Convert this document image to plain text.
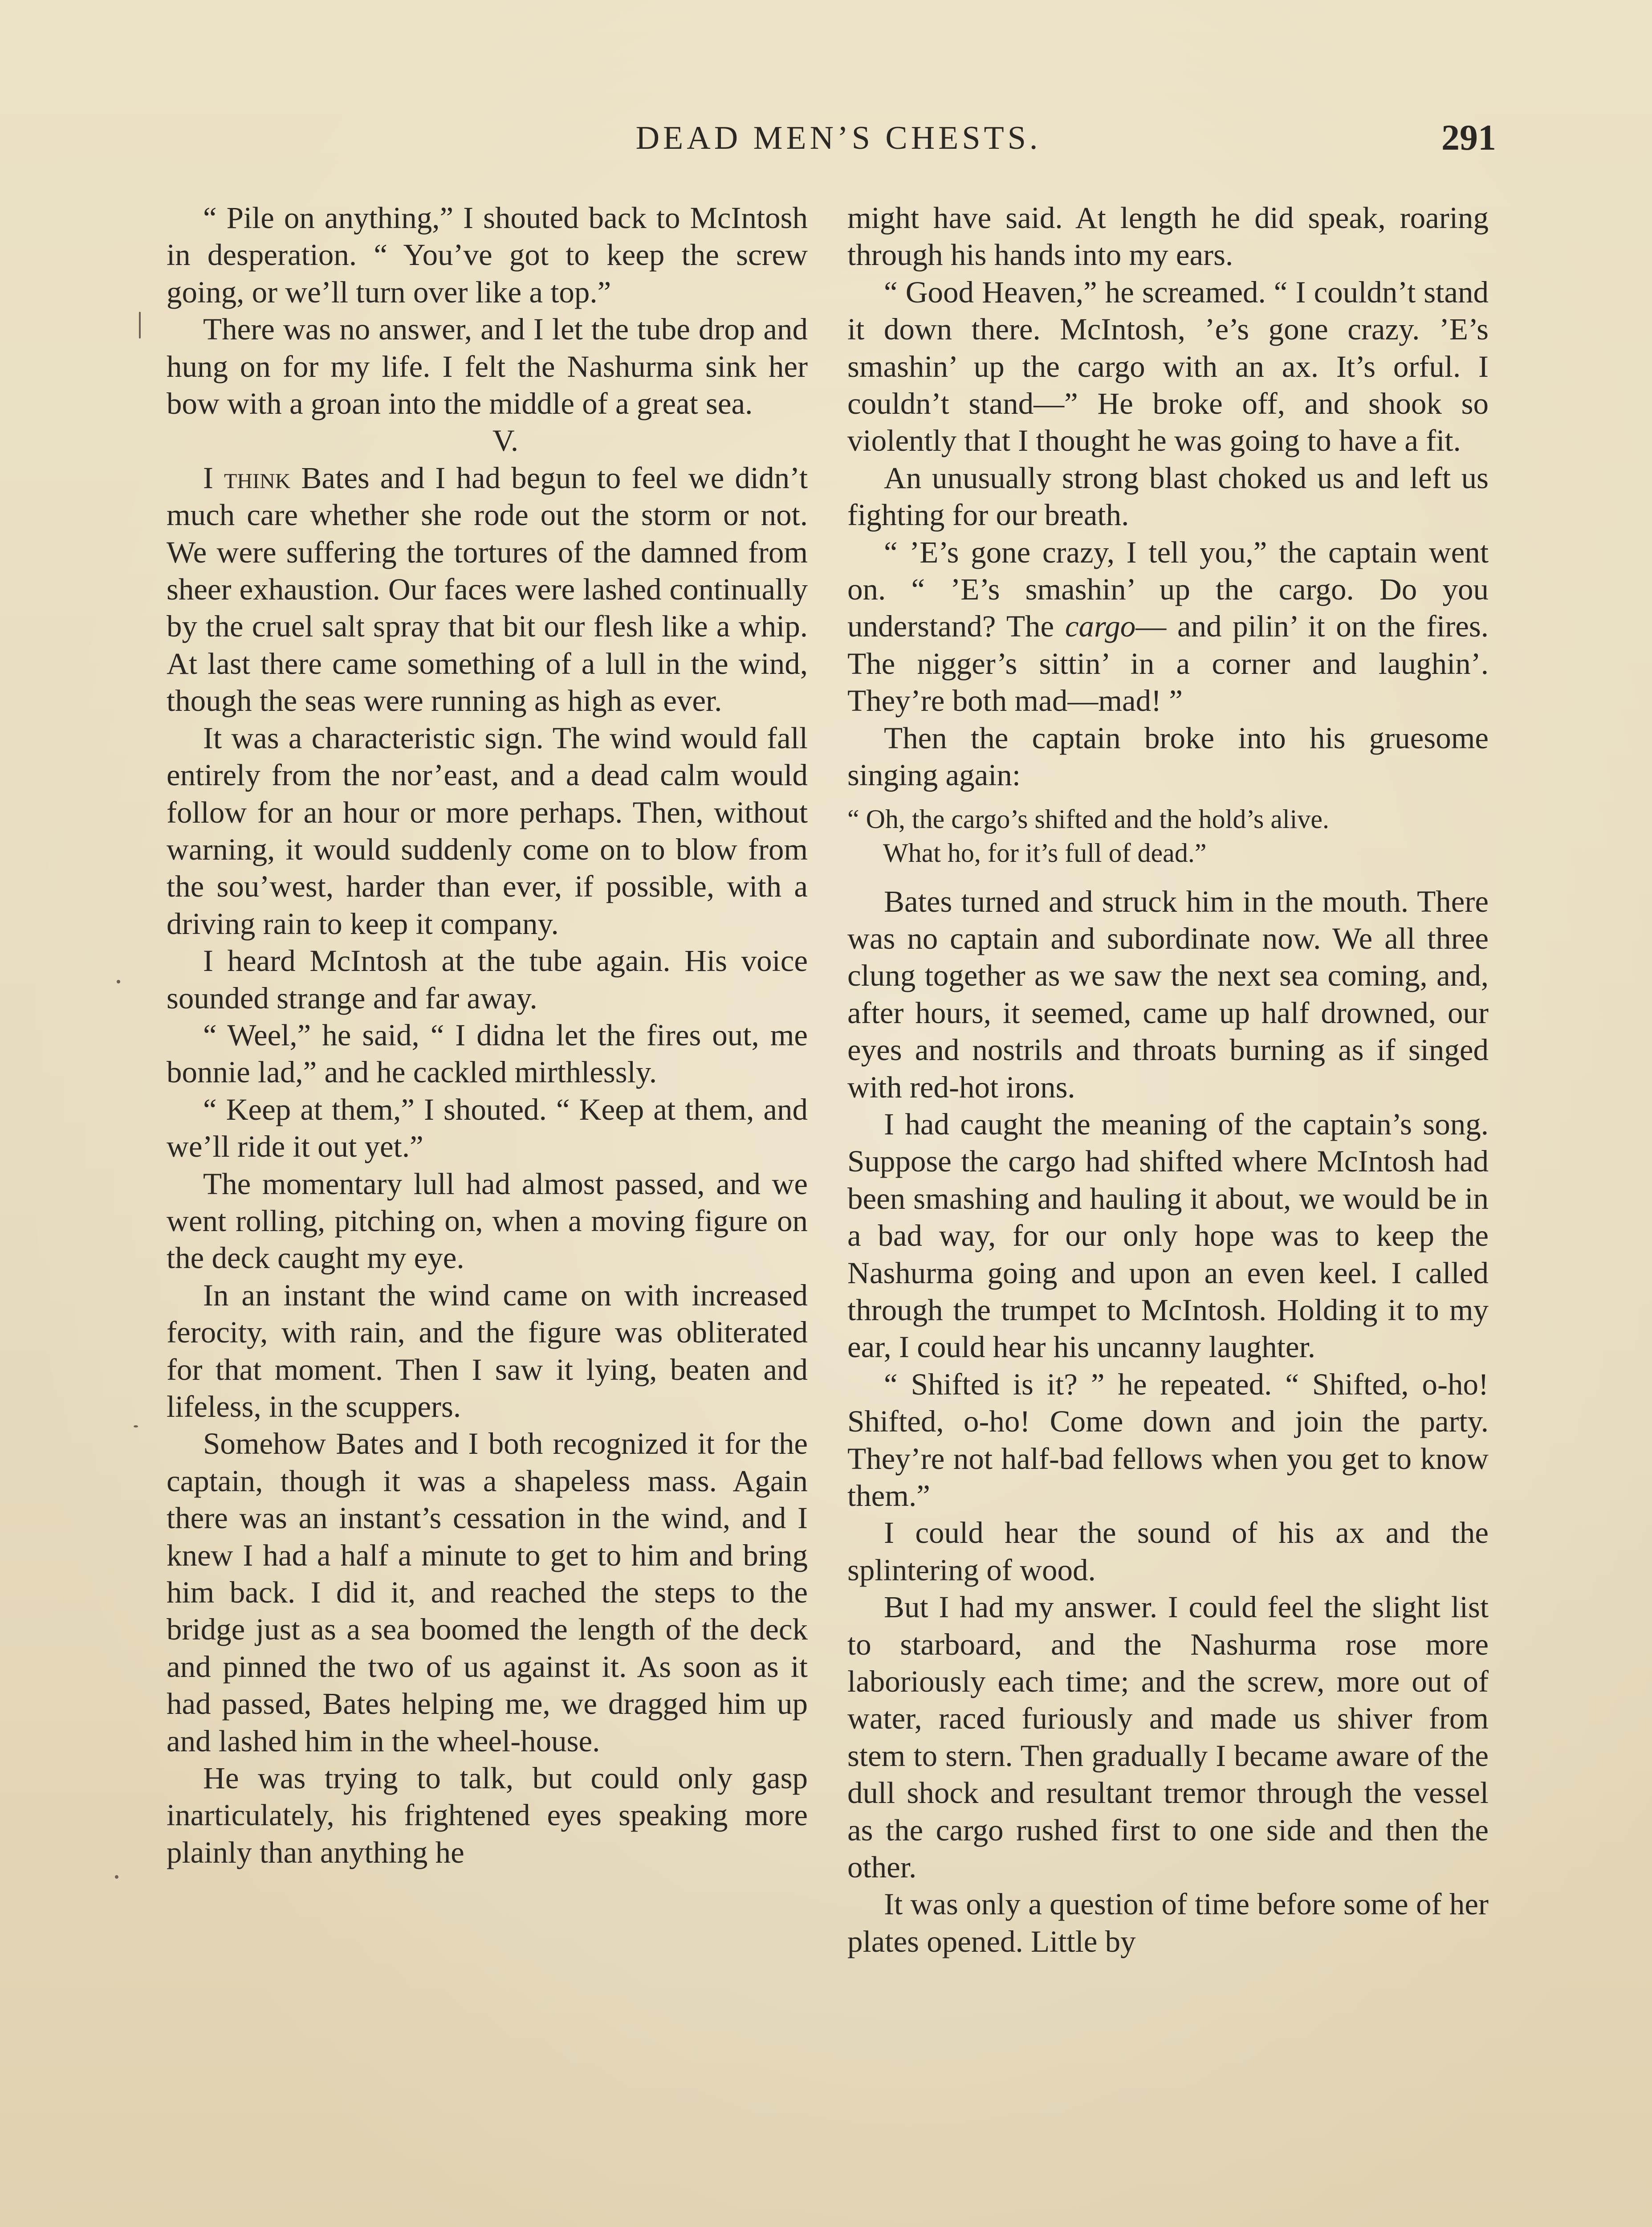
DEAD MEN’S CHESTS.	291

“ Pile on anything,” I shouted back to McIntosh in desperation. “ You’ve got to keep the screw going, or we’ll turn over like a top.”

There was no answer, and I let the tube drop and hung on for my life. I felt the Nashurma sink her bow with a groan into the middle of a great sea.

V.

I think Bates and I had begun to feel we didn’t much care whether she rode out the storm or not. We were suffering the tortures of the damned from sheer exhaustion. Our faces were lashed continually by the cruel salt spray that bit our flesh like a whip. At last there came something of a lull in the wind, though the seas were running as high as ever.

It was a characteristic sign. The wind would fall entirely from the nor’east, and a dead calm would follow for an hour or more perhaps. Then, without warning, it would suddenly come on to blow from the sou’west, harder than ever, if possible, with a driving rain to keep it company.

I heard McIntosh at the tube again. His voice sounded strange and far away.

“ Weel,” he said, “ I didna let the fires out, me bonnie lad,” and he cackled mirthlessly.

“ Keep at them,” I shouted. “ Keep at them, and we’ll ride it out yet.”

The momentary lull had almost passed, and we went rolling, pitching on, when a moving figure on the deck caught my eye.

In an instant the wind came on with increased ferocity, with rain, and the figure was obliterated for that moment. Then I saw it lying, beaten and lifeless, in the scuppers.

Somehow Bates and I both recognized it for the captain, though it was a shapeless mass. Again there was an instant’s cessation in the wind, and I knew I had a half a minute to get to him and bring him back. I did it, and reached the steps to the bridge just as a sea boomed the length of the deck and pinned the two of us against it. As soon as it had passed, Bates helping me, we dragged him up and lashed him in the wheel-house.

He was trying to talk, but could only gasp inarticulately, his frightened eyes speaking more plainly than anything he

might have said. At length he did speak, roaring through his hands into my ears.

“ Good Heaven,” he screamed. “ I couldn’t stand it down there. McIntosh, ’e’s gone crazy. ’E’s smashin’ up the cargo with an ax. It’s orful. I couldn’t stand—” He broke off, and shook so violently that I thought he was going to have a fit.

An unusually strong blast choked us and left us fighting for our breath.

“ ’E’s gone crazy, I tell you,” the captain went on. “ ’E’s smashin’ up the cargo. Do you understand? The cargo— and pilin’ it on the fires. The nigger’s sittin’ in a corner and laughin’. They’re both mad—mad! ”

Then the captain broke into his gruesome singing again:

“ Oh, the cargo’s shifted and the hold’s alive.
What ho, for it’s full of dead.”

Bates turned and struck him in the mouth. There was no captain and subordinate now. We all three clung together as we saw the next sea coming, and, after hours, it seemed, came up half drowned, our eyes and nostrils and throats burning as if singed with red-hot irons.

I had caught the meaning of the captain’s song. Suppose the cargo had shifted where McIntosh had been smashing and hauling it about, we would be in a bad way, for our only hope was to keep the Nashurma going and upon an even keel. I called through the trumpet to McIntosh. Holding it to my ear, I could hear his uncanny laughter.

“ Shifted is it? ” he repeated. “ Shifted, o-ho! Shifted, o-ho! Come down and join the party. They’re not half-bad fellows when you get to know them.”

I could hear the sound of his ax and the splintering of wood.

But I had my answer. I could feel the slight list to starboard, and the Nashurma rose more laboriously each time; and the screw, more out of water, raced furiously and made us shiver from stem to stern. Then gradually I became aware of the dull shock and resultant tremor through the vessel as the cargo rushed first to one side and then the other.

It was only a question of time before some of her plates opened. Little by
